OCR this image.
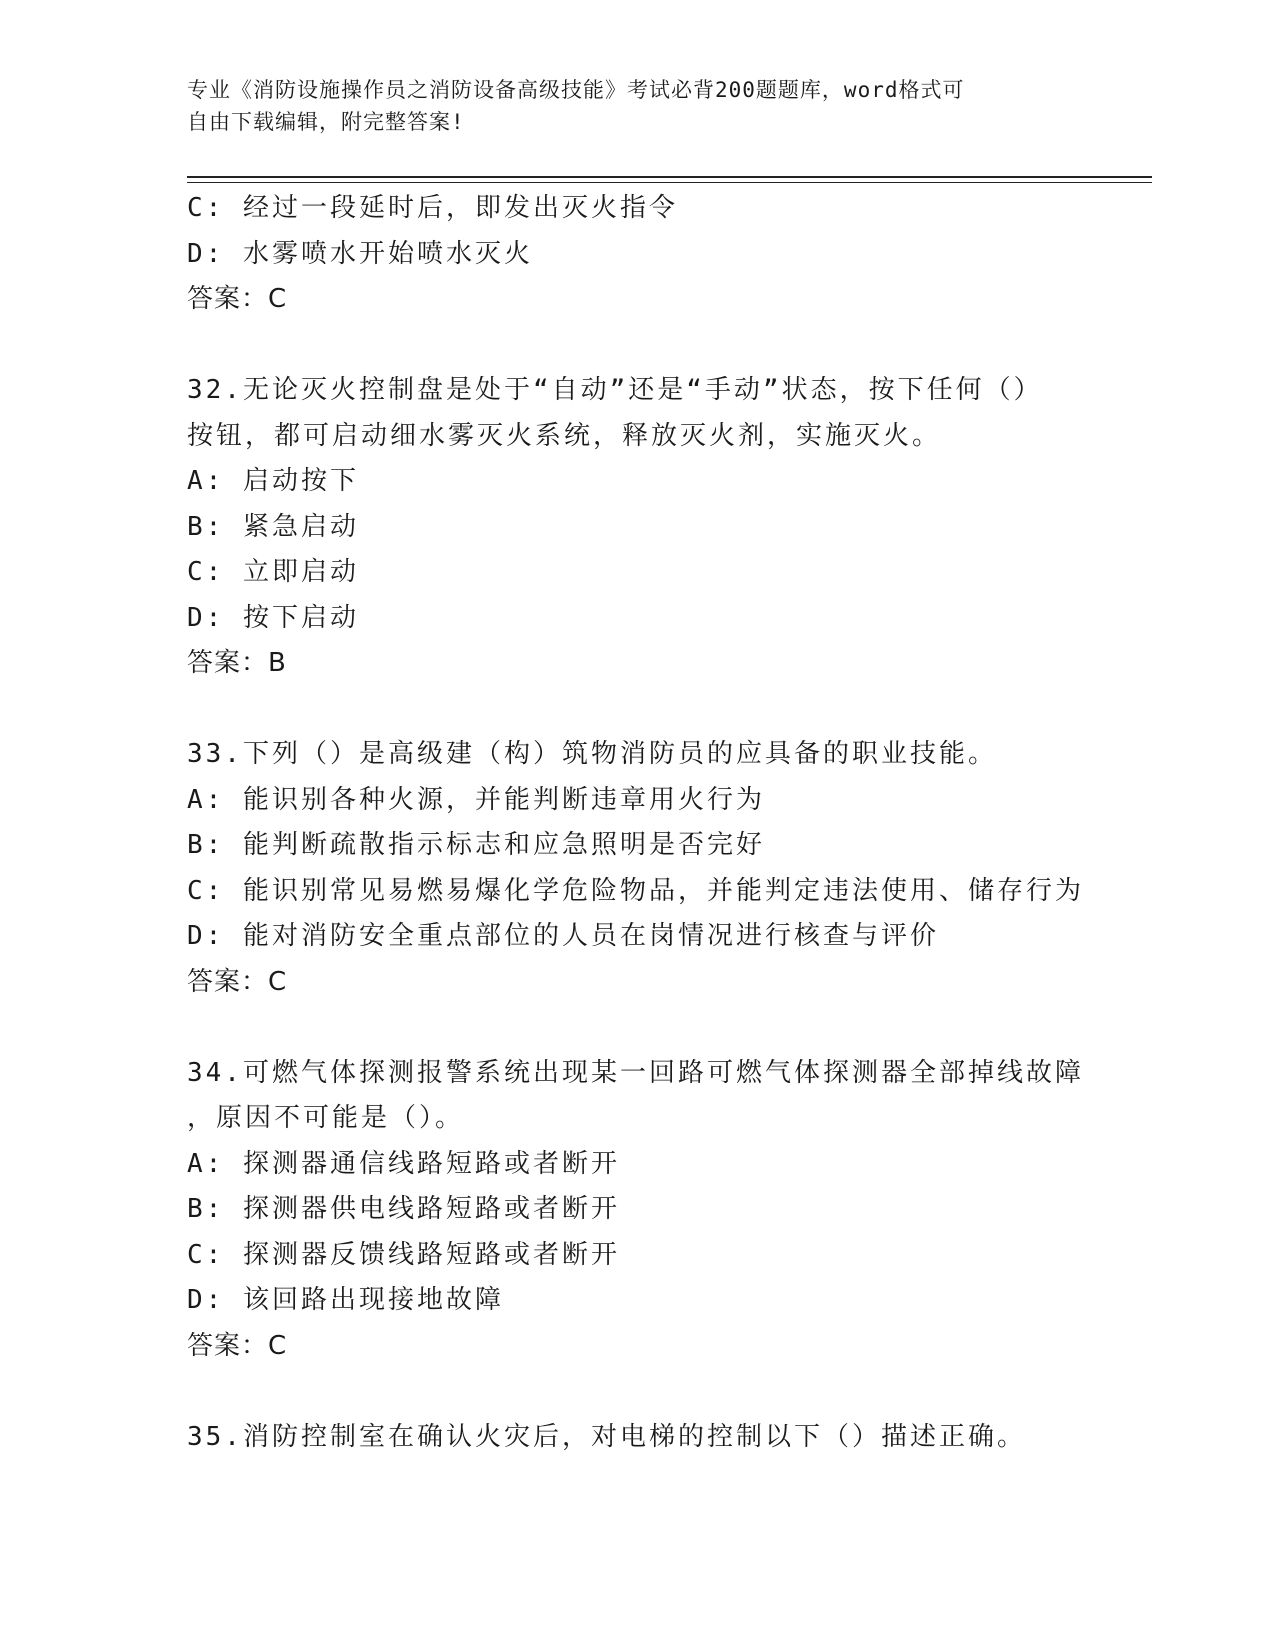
专业《消防设施操作员之消防设备高级技能》考试必背200题题库，word格式可
自由下载编辑，附完整答案!
C: 经过一段延时后，即发出灭火指令
D: 水雾喷水开始喷水灭火
答案：C
32.无论灭火控制盘是处于“自动”还是“手动”状态，按下任何（）
按钮，都可启动细水雾灭火系统，释放灭火剂，实施灭火。
A: 启动按下
B: 紧急启动
C: 立即启动
D: 按下启动
答案：B
33.下列（）是高级建（构）筑物消防员的应具备的职业技能。
A: 能识别各种火源，并能判断违章用火行为
B: 能判断疏散指示标志和应急照明是否完好
C: 能识别常见易燃易爆化学危险物品，并能判定违法使用、储存行为
D: 能对消防安全重点部位的人员在岗情况进行核查与评价
答案：C
34.可燃气体探测报警系统出现某一回路可燃气体探测器全部掉线故障
，原因不可能是（）。
A: 探测器通信线路短路或者断开
B: 探测器供电线路短路或者断开
C: 探测器反馈线路短路或者断开
D: 该回路出现接地故障
答案：C
35.消防控制室在确认火灾后，对电梯的控制以下（）描述正确。
